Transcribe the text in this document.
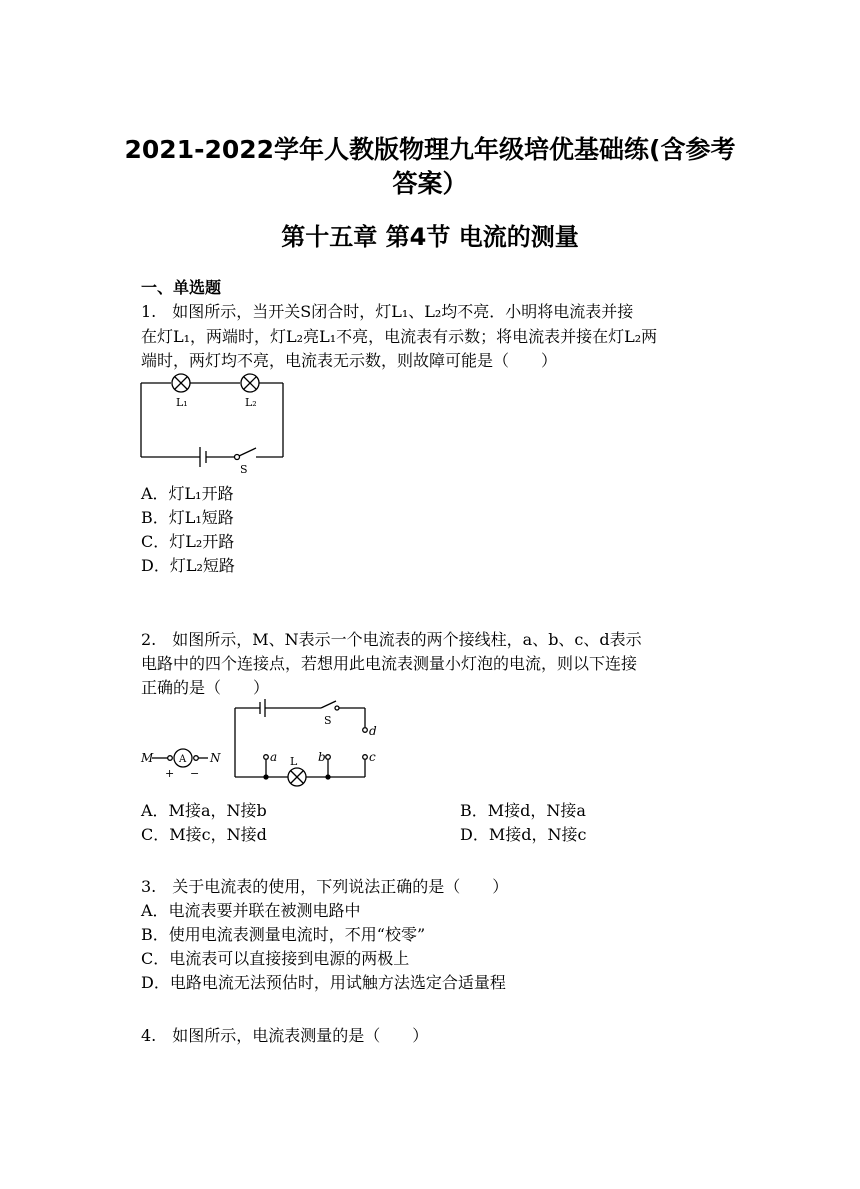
2021-2022学年人教版物理九年级培优基础练(含参考
答案）
第十五章 第4节 电流的测量
一、单选题
1.　如图所示，当开关S闭合时，灯L₁、L₂均不亮．小明将电流表并接
在灯L₁，两端时，灯L₂亮L₁不亮，电流表有示数；将电流表并接在灯L₂两
端时，两灯均不亮，电流表无示数，则故障可能是（　　）
L₁	L₂
S
A．灯L₁开路
B．灯L₁短路
C．灯L₂开路
D．灯L₂短路
2.　如图所示，M、N表示一个电流表的两个接线柱，a、b、c、d表示
电路中的四个连接点，若想用此电流表测量小灯泡的电流，则以下连接
正确的是（　　）
M	N
A
+ −
a	b	c
d
L
S
A．M接a，N接b	B．M接d，N接a
C．M接c，N接d	D．M接d，N接c
3.　关于电流表的使用，下列说法正确的是（　　）
A．电流表要并联在被测电路中
B．使用电流表测量电流时，不用“校零”
C．电流表可以直接接到电源的两极上
D．电路电流无法预估时，用试触方法选定合适量程
4.　如图所示，电流表测量的是（　　）
